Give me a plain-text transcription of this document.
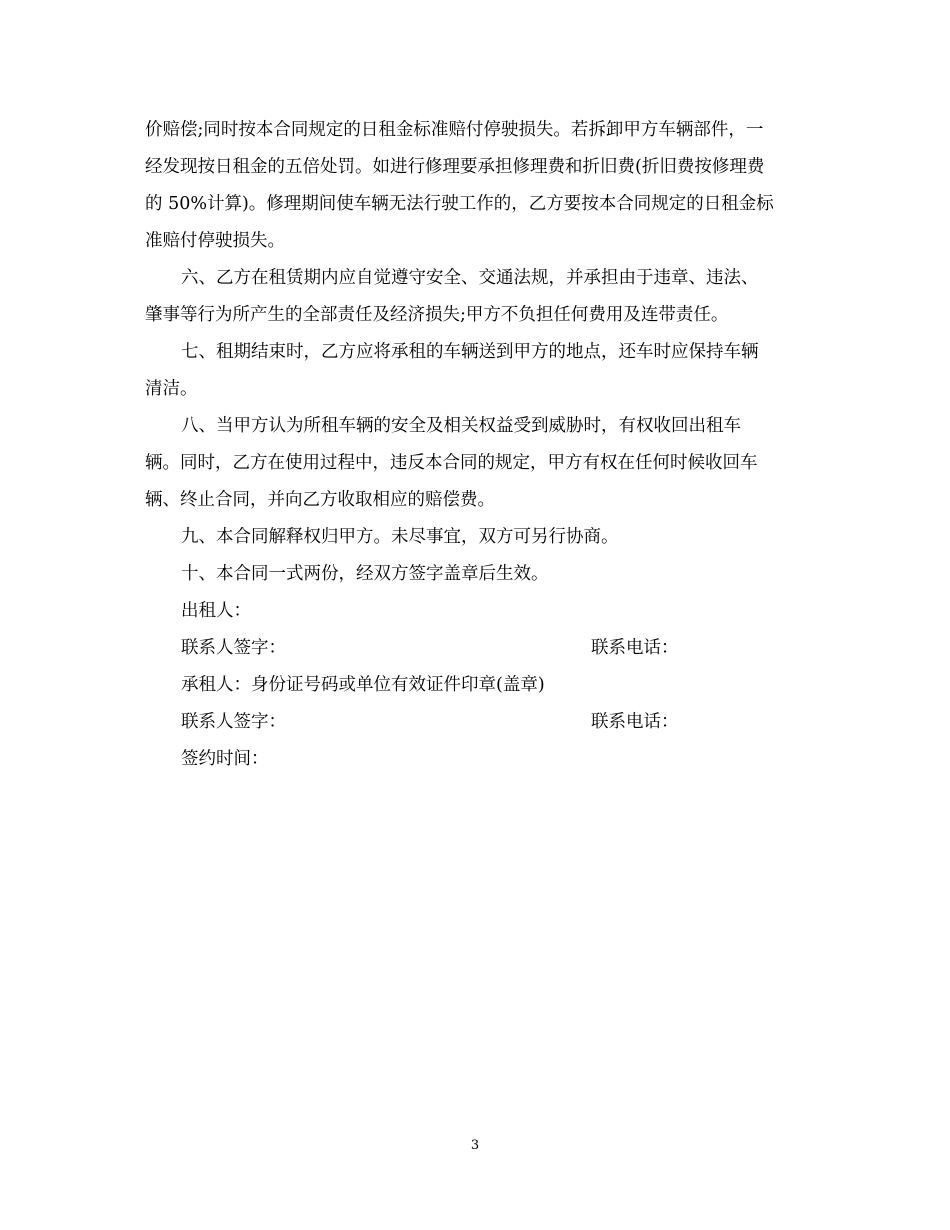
价赔偿;同时按本合同规定的日租金标准赔付停驶损失。若拆卸甲方车辆部件，一
经发现按日租金的五倍处罚。如进行修理要承担修理费和折旧费(折旧费按修理费
的 50%计算)。修理期间使车辆无法行驶工作的，乙方要按本合同规定的日租金标
准赔付停驶损失。
六、乙方在租赁期内应自觉遵守安全、交通法规，并承担由于违章、违法、
肇事等行为所产生的全部责任及经济损失;甲方不负担任何费用及连带责任。
七、租期结束时，乙方应将承租的车辆送到甲方的地点，还车时应保持车辆
清洁。
八、当甲方认为所租车辆的安全及相关权益受到威胁时，有权收回出租车
辆。同时，乙方在使用过程中，违反本合同的规定，甲方有权在任何时候收回车
辆、终止合同，并向乙方收取相应的赔偿费。
九、本合同解释权归甲方。未尽事宜，双方可另行协商。
十、本合同一式两份，经双方签字盖章后生效。
出租人：
联系人签字：	联系电话：
承租人：身份证号码或单位有效证件印章(盖章)
联系人签字：	联系电话：
签约时间：
3
